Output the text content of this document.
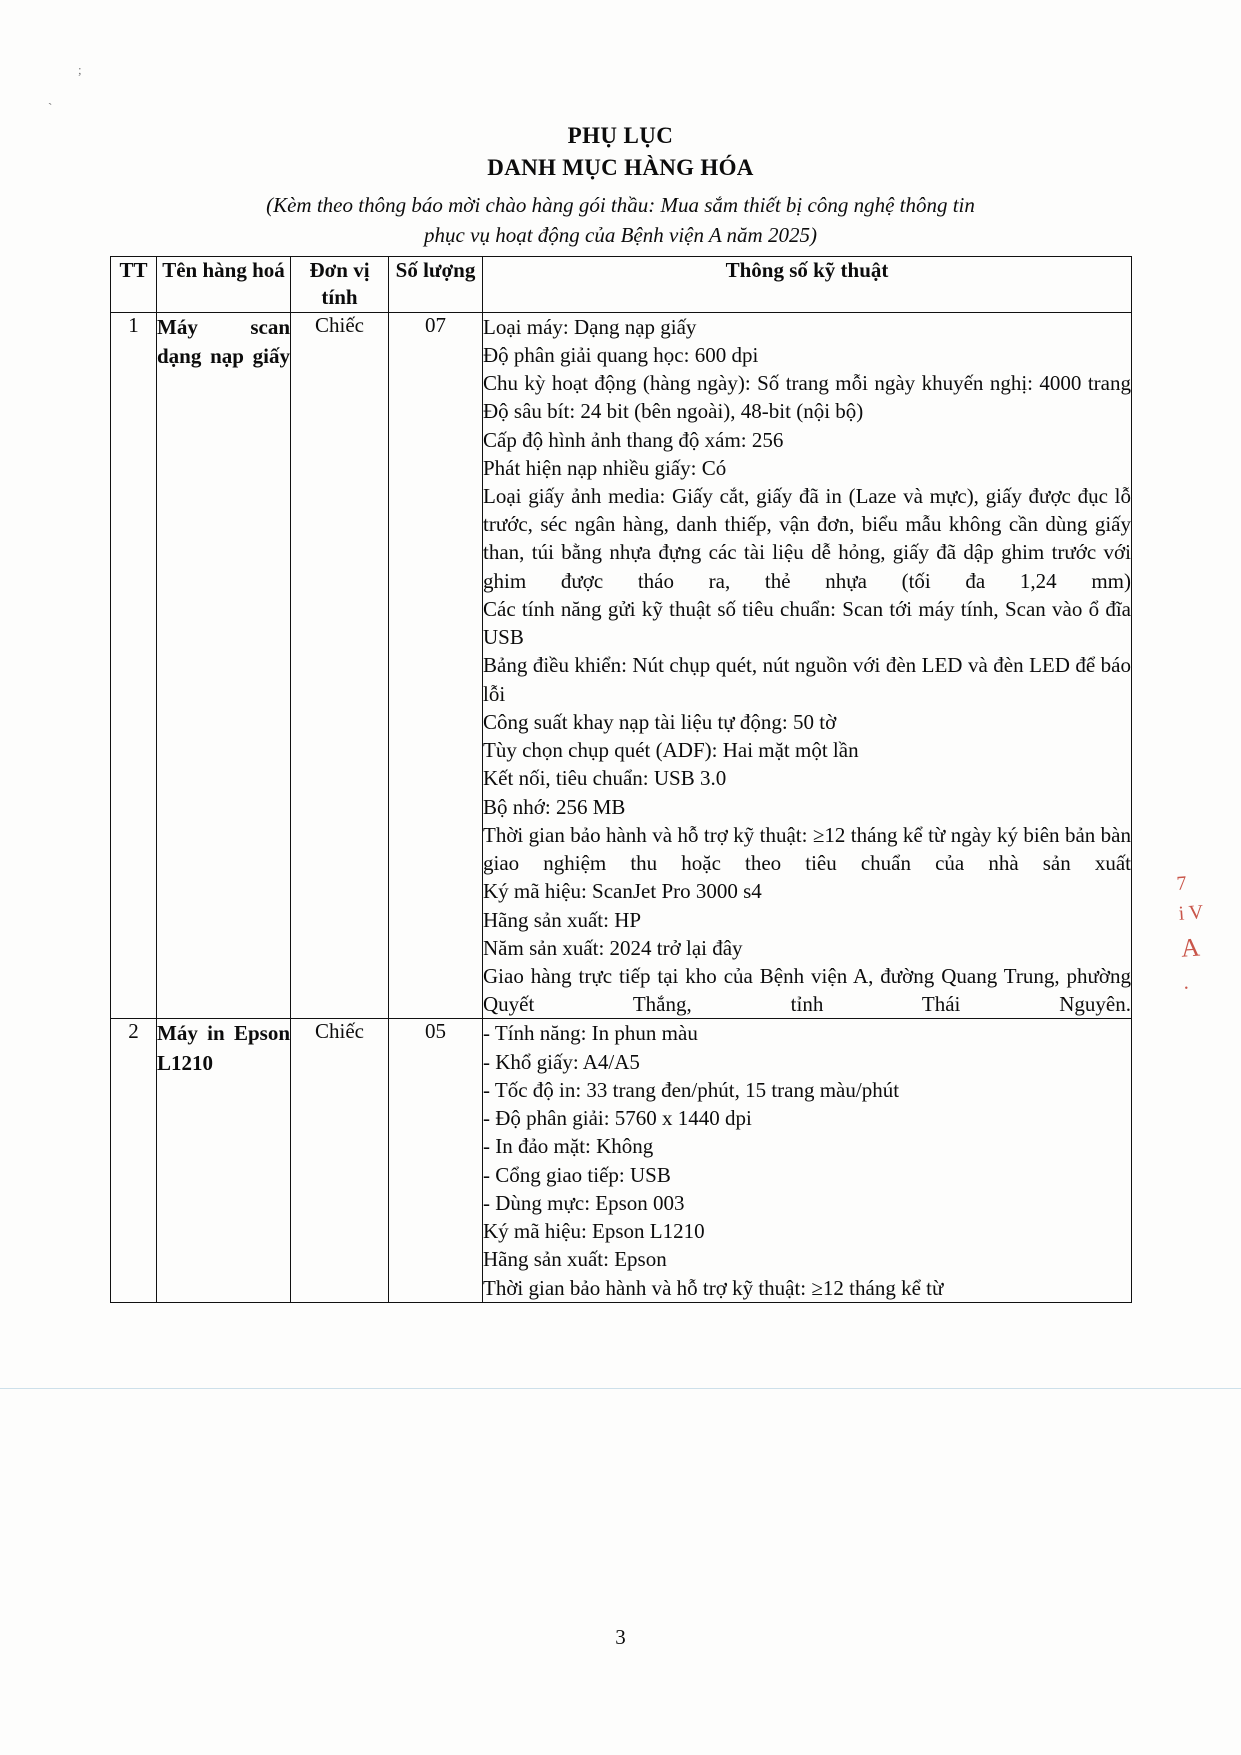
;
`
PHỤ LỤC
DANH MỤC HÀNG HÓA
(Kèm theo thông báo mời chào hàng gói thầu: Mua sắm thiết bị công nghệ thông tin
phục vụ hoạt động của Bệnh viện A năm 2025)
TT	Tên hàng hoá	Đơn vị tính	Số lượng	Thông số kỹ thuật
1	Máy scan dạng nạp giấy	Chiếc	07	Loại máy: Dạng nạp giấy

Độ phân giải quang học: 600 dpi

Chu kỳ hoạt động (hàng ngày): Số trang mỗi ngày khuyến nghị: 4000 trang

Độ sâu bít: 24 bit (bên ngoài), 48-bit (nội bộ)

Cấp độ hình ảnh thang độ xám: 256

Phát hiện nạp nhiều giấy: Có

Loại giấy ảnh media: Giấy cắt, giấy đã in (Laze và mực), giấy được đục lỗ trước, séc ngân hàng, danh thiếp, vận đơn, biểu mẫu không cần dùng giấy than, túi bằng nhựa đựng các tài liệu dễ hỏng, giấy đã dập ghim trước với ghim được tháo ra, thẻ nhựa (tối đa 1,24 mm)

Các tính năng gửi kỹ thuật số tiêu chuẩn: Scan tới máy tính, Scan vào ổ đĩa USB

Bảng điều khiển: Nút chụp quét, nút nguồn với đèn LED và đèn LED để báo lỗi

Công suất khay nạp tài liệu tự động: 50 tờ

Tùy chọn chụp quét (ADF): Hai mặt một lần

Kết nối, tiêu chuẩn: USB 3.0

Bộ nhớ: 256 MB

Thời gian bảo hành và hỗ trợ kỹ thuật: ≥12 tháng kể từ ngày ký biên bản bàn giao nghiệm thu hoặc theo tiêu chuẩn của nhà sản xuất

Ký mã hiệu: ScanJet Pro 3000 s4

Hãng sản xuất: HP

Năm sản xuất: 2024 trở lại đây

Giao hàng trực tiếp tại kho của Bệnh viện A, đường Quang Trung, phường Quyết Thắng, tỉnh Thái Nguyên.

2	Máy in Epson L1210	Chiếc	05	- Tính năng: In phun màu

- Khổ giấy: A4/A5

- Tốc độ in: 33 trang đen/phút, 15 trang màu/phút

- Độ phân giải: 5760 x 1440 dpi

- In đảo mặt: Không

- Cổng giao tiếp: USB

- Dùng mực: Epson 003

Ký mã hiệu: Epson L1210

Hãng sản xuất: Epson

Thời gian bảo hành và hỗ trợ kỹ thuật: ≥12 tháng kể từ

7
i V
A
.
3
